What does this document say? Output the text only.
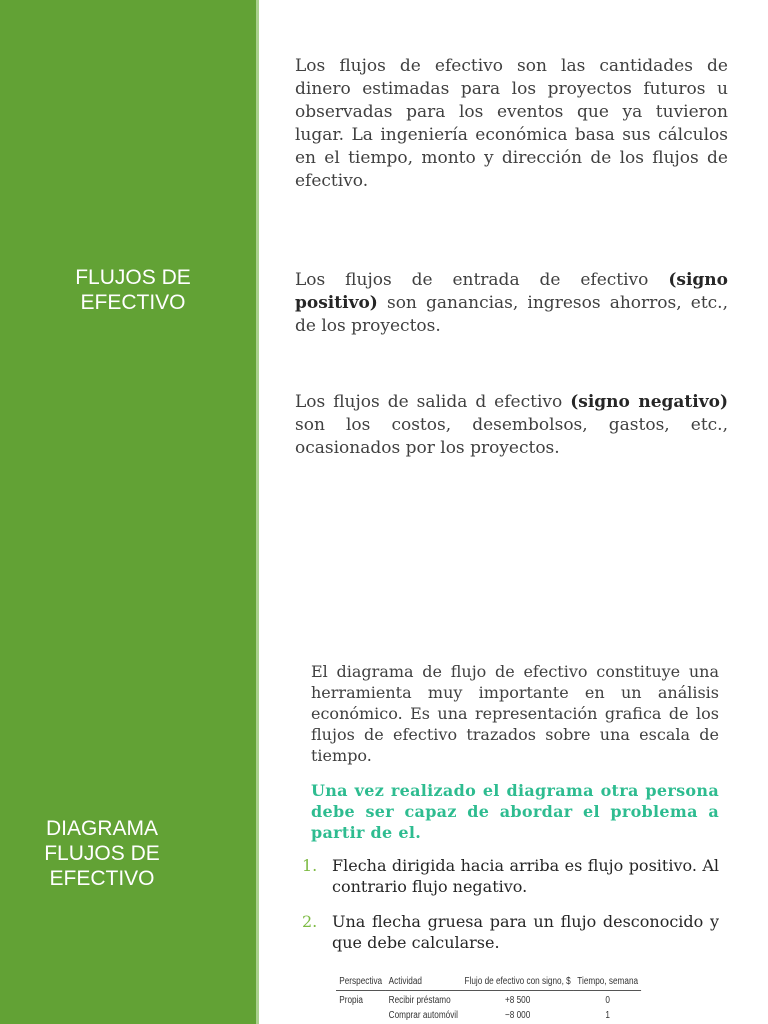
FLUJOS DE
EFECTIVO

Los flujos de efectivo son las cantidades de dinero estimadas para los proyectos futuros u observadas para los eventos que ya tuvieron lugar. La ingeniería económica basa sus cálculos en el tiempo, monto y dirección de los flujos de efectivo.

Los flujos de entrada de efectivo (signo positivo) son ganancias, ingresos ahorros, etc., de los proyectos.

Los flujos de salida d efectivo (signo negativo) son los costos, desembolsos, gastos, etc., ocasionados por los proyectos.

DIAGRAMA
FLUJOS DE
EFECTIVO

El diagrama de flujo de efectivo constituye una herramienta muy importante en un análisis económico. Es una representación grafica de los flujos de efectivo trazados sobre una escala de tiempo.

Una vez realizado el diagrama otra persona debe ser capaz de abordar el problema a partir de el.

1. Flecha dirigida hacia arriba es flujo positivo. Al contrario flujo negativo.
2. Una flecha gruesa para un flujo desconocido y que debe calcularse.
Perspectiva	Actividad	Flujo de efectivo con signo, $	Tiempo, semana
Propia	Recibir préstamo	+8 500	0
	Comprar automóvil	−8 000	1
